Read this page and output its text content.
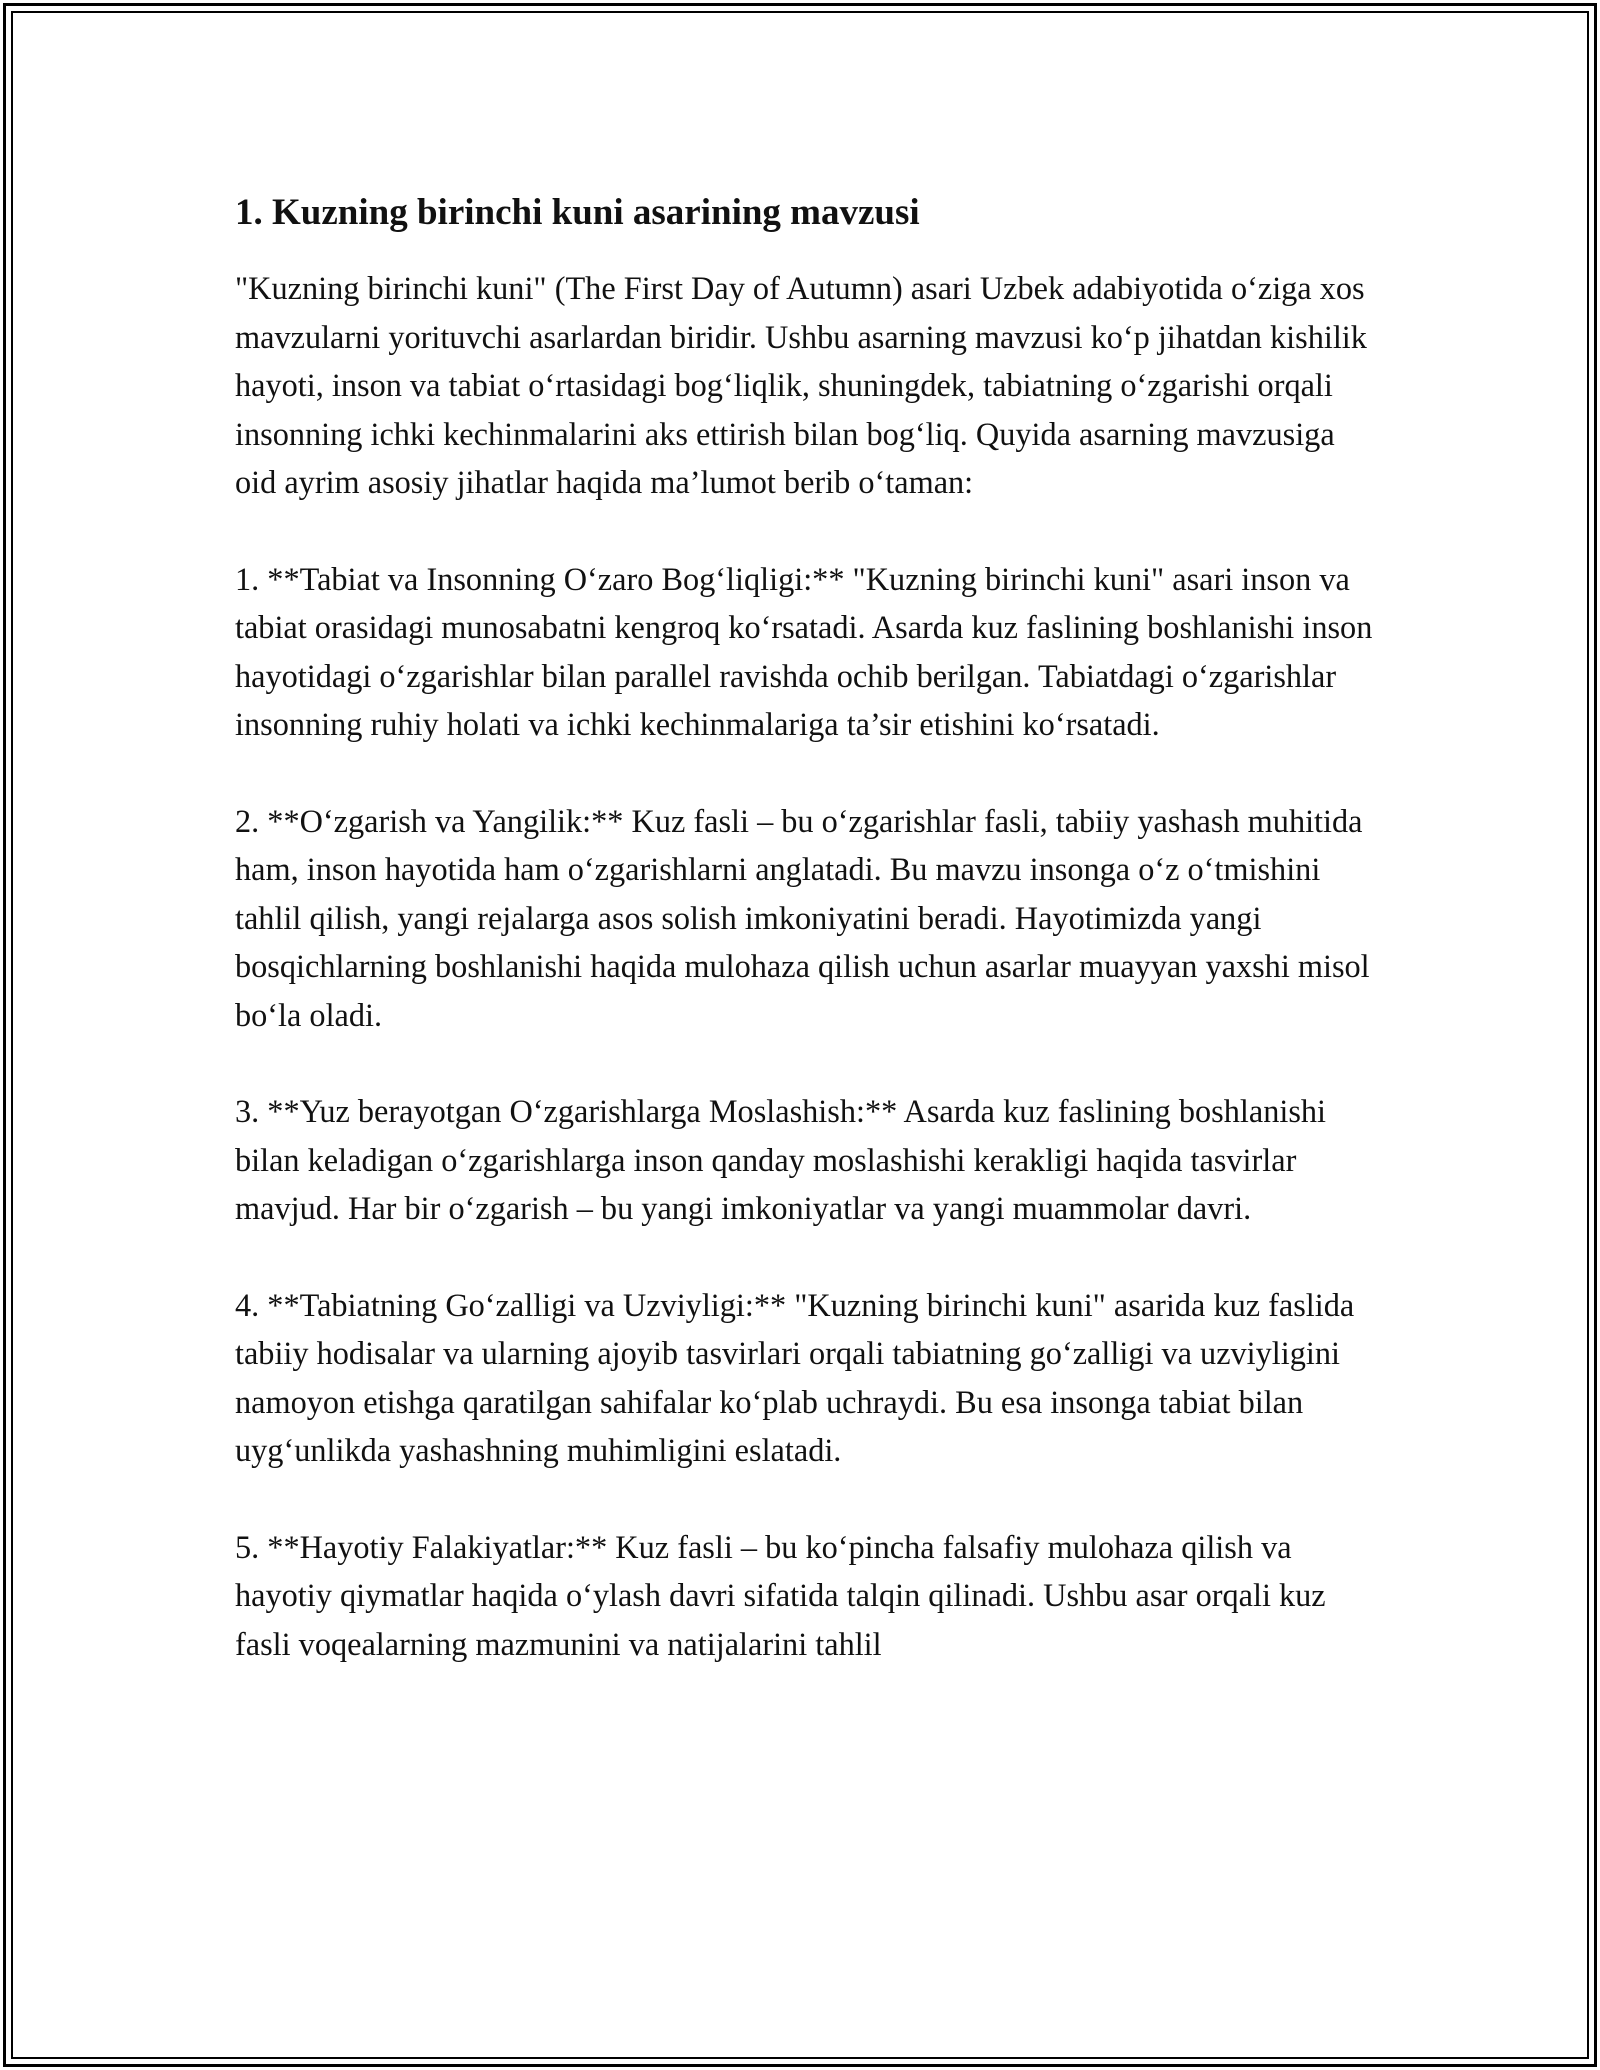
1. Kuzning birinchi kuni asarining mavzusi

"Kuzning birinchi kuni" (The First Day of Autumn) asari Uzbek adabiyotida o‘ziga xos mavzularni yorituvchi asarlardan biridir. Ushbu asarning mavzusi ko‘p jihatdan kishilik hayoti, inson va tabiat o‘rtasidagi bog‘liqlik, shuningdek, tabiatning o‘zgarishi orqali insonning ichki kechinmalarini aks ettirish bilan bog‘liq. Quyida asarning mavzusiga oid ayrim asosiy jihatlar haqida ma’lumot berib o‘taman:

1. **Tabiat va Insonning O‘zaro Bog‘liqligi:** "Kuzning birinchi kuni" asari inson va tabiat orasidagi munosabatni kengroq ko‘rsatadi. Asarda kuz faslining boshlanishi inson hayotidagi o‘zgarishlar bilan parallel ravishda ochib berilgan. Tabiatdagi o‘zgarishlar insonning ruhiy holati va ichki kechinmalariga ta’sir etishini ko‘rsatadi.

2. **O‘zgarish va Yangilik:** Kuz fasli – bu o‘zgarishlar fasli, tabiiy yashash muhitida ham, inson hayotida ham o‘zgarishlarni anglatadi. Bu mavzu insonga o‘z o‘tmishini tahlil qilish, yangi rejalarga asos solish imkoniyatini beradi. Hayotimizda yangi bosqichlarning boshlanishi haqida mulohaza qilish uchun asarlar muayyan yaxshi misol bo‘la oladi.

3. **Yuz berayotgan O‘zgarishlarga Moslashish:** Asarda kuz faslining boshlanishi bilan keladigan o‘zgarishlarga inson qanday moslashishi kerakligi haqida tasvirlar mavjud. Har bir o‘zgarish – bu yangi imkoniyatlar va yangi muammolar davri.

4. **Tabiatning Go‘zalligi va Uzviyligi:** "Kuzning birinchi kuni" asarida kuz faslida tabiiy hodisalar va ularning ajoyib tasvirlari orqali tabiatning go‘zalligi va uzviyligini namoyon etishga qaratilgan sahifalar ko‘plab uchraydi. Bu esa insonga tabiat bilan uyg‘unlikda yashashning muhimligini eslatadi.

5. **Hayotiy Falakiyatlar:** Kuz fasli – bu ko‘pincha falsafiy mulohaza qilish va hayotiy qiymatlar haqida o‘ylash davri sifatida talqin qilinadi. Ushbu asar orqali kuz fasli voqealarning mazmunini va natijalarini tahlil
